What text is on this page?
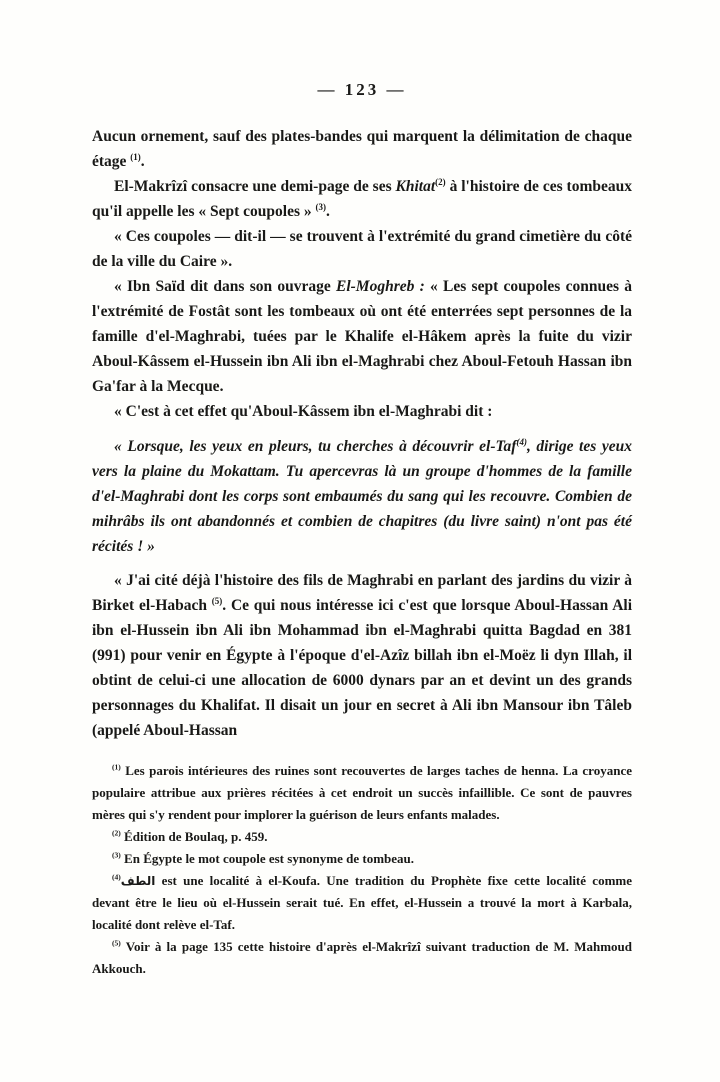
— 123 —

Aucun ornement, sauf des plates-bandes qui marquent la délimitation de chaque étage $^{(1)}$.

El-Makrîzî consacre une demi-page de ses Khitat$^{(2)}$ à l'histoire de ces tombeaux qu'il appelle les « Sept coupoles » $^{(3)}$.

« Ces coupoles — dit-il — se trouvent à l'extrémité du grand cimetière du côté de la ville du Caire ».

« Ibn Saïd dit dans son ouvrage El-Moghreb : « Les sept coupoles connues à l'extrémité de Fostât sont les tombeaux où ont été enterrées sept personnes de la famille d'el-Maghrabi, tuées par le Khalife el-Hâkem après la fuite du vizir Aboul-Kâssem el-Hussein ibn Ali ibn el-Maghrabi chez Aboul-Fetouh Hassan ibn Ga'far à la Mecque.

« C'est à cet effet qu'Aboul-Kâssem ibn el-Maghrabi dit :

« Lorsque, les yeux en pleurs, tu cherches à découvrir el-Taf$^{(4)}$, dirige tes yeux vers la plaine du Mokattam. Tu apercevras là un groupe d'hommes de la famille d'el-Maghrabi dont les corps sont embaumés du sang qui les recouvre. Combien de mihrâbs ils ont abandonnés et combien de chapitres (du livre saint) n'ont pas été récités ! »

« J'ai cité déjà l'histoire des fils de Maghrabi en parlant des jardins du vizir à Birket el-Habach $^{(5)}$. Ce qui nous intéresse ici c'est que lorsque Aboul-Hassan Ali ibn el-Hussein ibn Ali ibn Mohammad ibn el-Maghrabi quitta Bagdad en 381 (991) pour venir en Égypte à l'époque d'el-Azîz billah ibn el-Moëz li dyn Illah, il obtint de celui-ci une allocation de 6000 dynars par an et devint un des grands personnages du Khalifat. Il disait un jour en secret à Ali ibn Mansour ibn Tâleb (appelé Aboul-Hassan

$^{(1)}$ Les parois intérieures des ruines sont recouvertes de larges taches de henna. La croyance populaire attribue aux prières récitées à cet endroit un succès infaillible. Ce sont de pauvres mères qui s'y rendent pour implorer la guérison de leurs enfants malades.

$^{(2)}$ Édition de Boulaq, p. 459.

$^{(3)}$ En Égypte le mot coupole est synonyme de tombeau.

$^{(4)}$الطف est une localité à el-Koufa. Une tradition du Prophète fixe cette localité comme devant être le lieu où el-Hussein serait tué. En effet, el-Hussein a trouvé la mort à Karbala, localité dont relève el-Taf.

$^{(5)}$ Voir à la page 135 cette histoire d'après el-Makrîzî suivant traduction de M. Mahmoud Akkouch.
